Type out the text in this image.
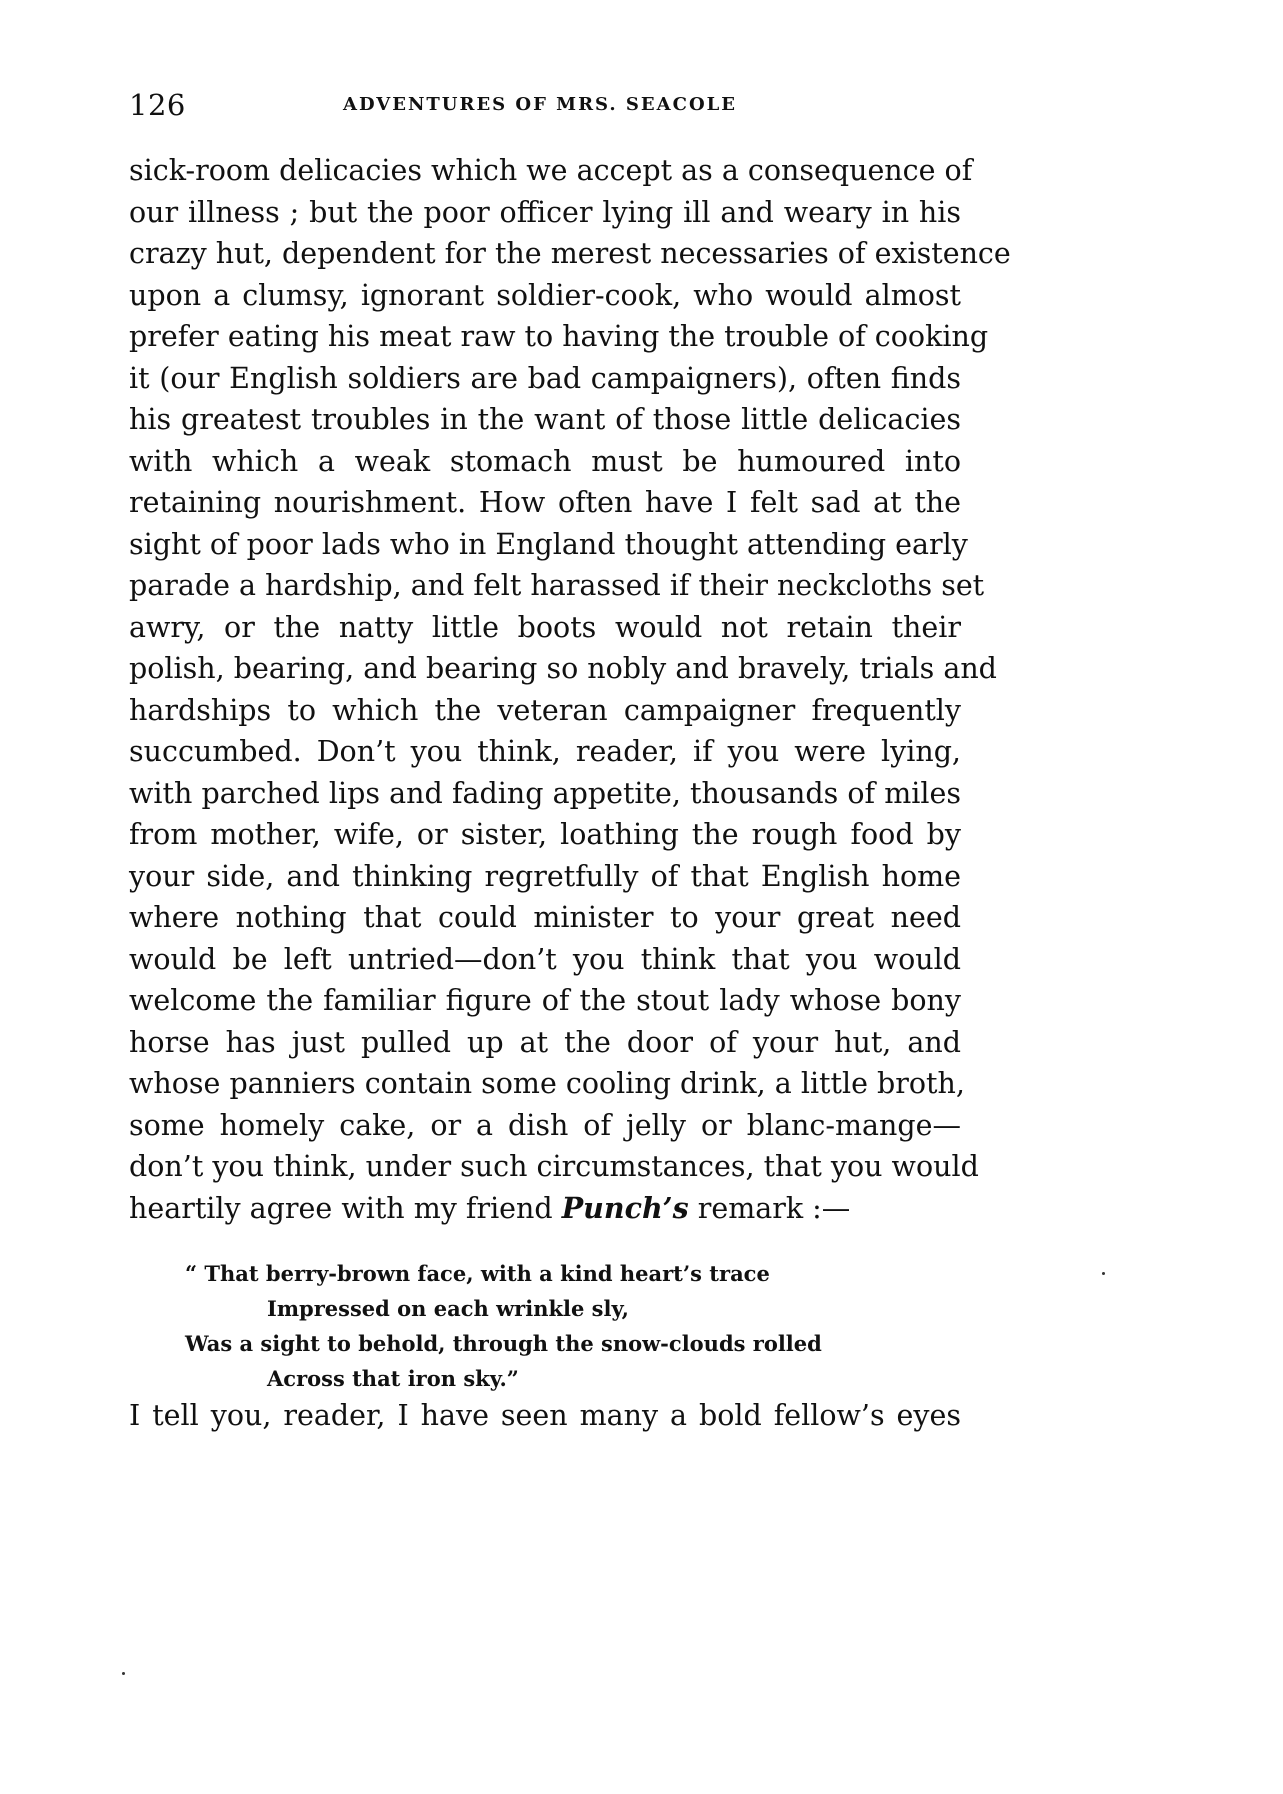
126	ADVENTURES OF MRS. SEACOLE
sick-room delicacies which we accept as a consequence of
our illness ; but the poor officer lying ill and weary in his
crazy hut, dependent for the merest necessaries of existence
upon a clumsy, ignorant soldier-cook, who would almost
prefer eating his meat raw to having the trouble of cooking
it (our English soldiers are bad campaigners), often finds
his greatest troubles in the want of those little delicacies
with which a weak stomach must be humoured into
retaining nourishment. How often have I felt sad at the
sight of poor lads who in England thought attending early
parade a hardship, and felt harassed if their neckcloths set
awry, or the natty little boots would not retain their
polish, bearing, and bearing so nobly and bravely, trials and
hardships to which the veteran campaigner frequently
succumbed. Don’t you think, reader, if you were lying,
with parched lips and fading appetite, thousands of miles
from mother, wife, or sister, loathing the rough food by
your side, and thinking regretfully of that English home
where nothing that could minister to your great need
would be left untried—don’t you think that you would
welcome the familiar figure of the stout lady whose bony
horse has just pulled up at the door of your hut, and
whose panniers contain some cooling drink, a little broth,
some homely cake, or a dish of jelly or blanc-mange—
don’t you think, under such circumstances, that you would
heartily agree with my friend Punch’s remark :—
“ That berry-brown face, with a kind heart’s trace
Impressed on each wrinkle sly,
Was a sight to behold, through the snow-clouds rolled
Across that iron sky.”
I tell you, reader, I have seen many a bold fellow’s eyes
